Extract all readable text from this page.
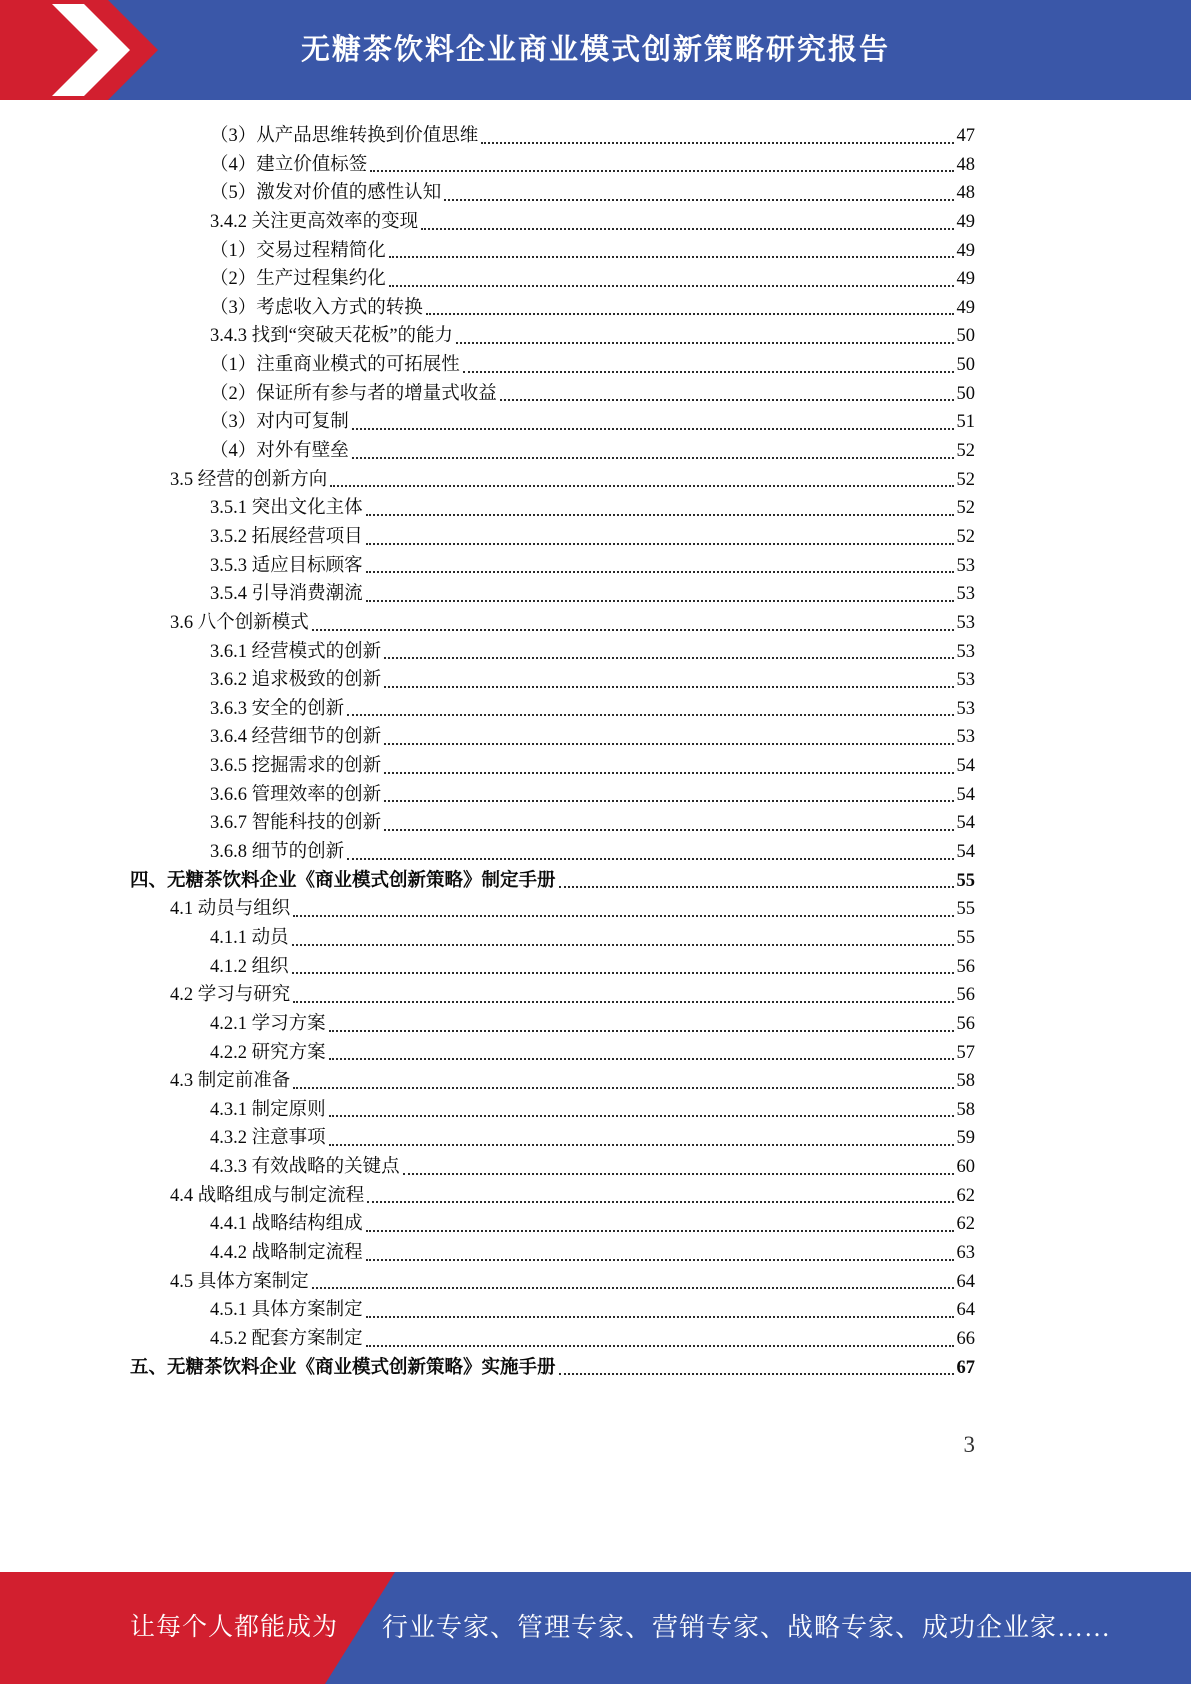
无糖茶饮料企业商业模式创新策略研究报告
（3）从产品思维转换到价值思维	47
（4）建立价值标签	48
（5）激发对价值的感性认知	48
3.4.2 关注更高效率的变现	49
（1）交易过程精简化	49
（2）生产过程集约化	49
（3）考虑收入方式的转换	49
3.4.3 找到“突破天花板”的能力	50
（1）注重商业模式的可拓展性	50
（2）保证所有参与者的增量式收益	50
（3）对内可复制	51
（4）对外有壁垒	52
3.5 经营的创新方向	52
3.5.1 突出文化主体	52
3.5.2 拓展经营项目	52
3.5.3 适应目标顾客	53
3.5.4 引导消费潮流	53
3.6 八个创新模式	53
3.6.1 经营模式的创新	53
3.6.2 追求极致的创新	53
3.6.3 安全的创新	53
3.6.4 经营细节的创新	53
3.6.5 挖掘需求的创新	54
3.6.6 管理效率的创新	54
3.6.7 智能科技的创新	54
3.6.8 细节的创新	54
四、无糖茶饮料企业《商业模式创新策略》制定手册	55
4.1 动员与组织	55
4.1.1 动员	55
4.1.2 组织	56
4.2 学习与研究	56
4.2.1 学习方案	56
4.2.2 研究方案	57
4.3 制定前准备	58
4.3.1 制定原则	58
4.3.2 注意事项	59
4.3.3 有效战略的关键点	60
4.4 战略组成与制定流程	62
4.4.1 战略结构组成	62
4.4.2 战略制定流程	63
4.5 具体方案制定	64
4.5.1 具体方案制定	64
4.5.2 配套方案制定	66
五、无糖茶饮料企业《商业模式创新策略》实施手册	67
3
让每个人都能成为 行业专家、管理专家、营销专家、战略专家、成功企业家……
